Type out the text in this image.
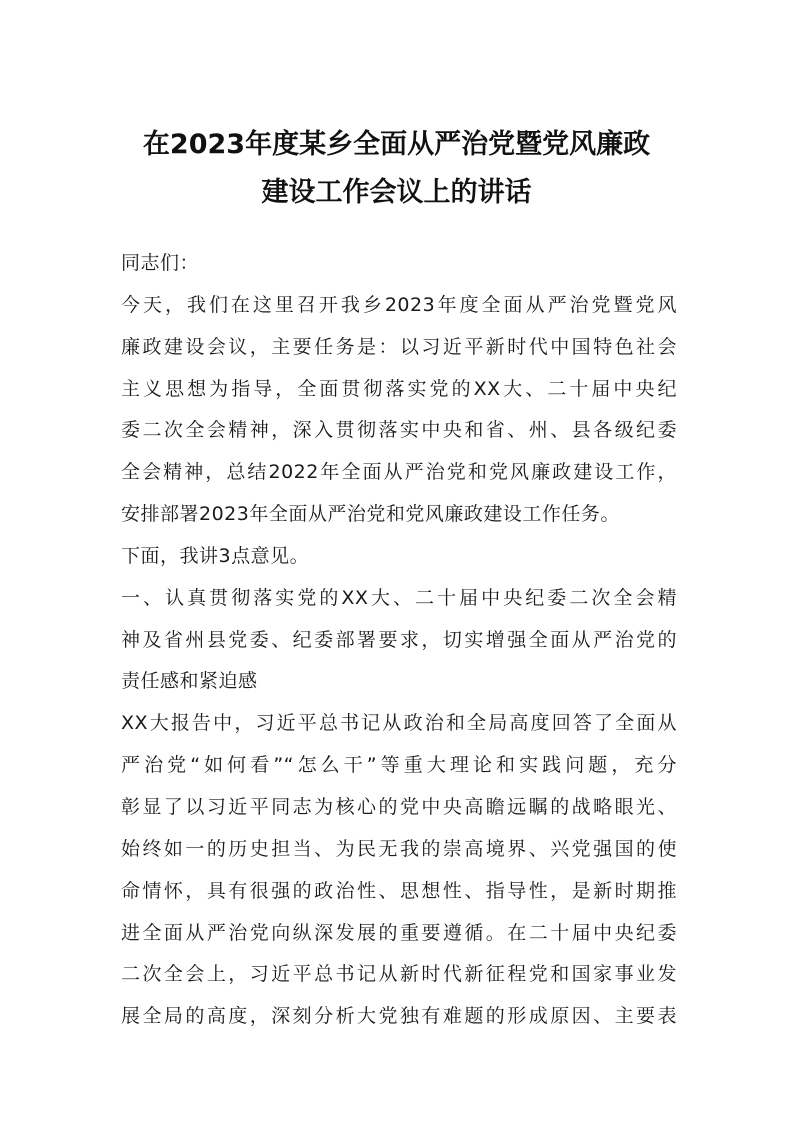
在2023年度某乡全面从严治党暨党风廉政
建设工作会议上的讲话
同志们：
今天，我们在这里召开我乡2023年度全面从严治党暨党风
廉政建设会议，主要任务是：以习近平新时代中国特色社会
主义思想为指导，全面贯彻落实党的XX大、二十届中央纪
委二次全会精神，深入贯彻落实中央和省、州、县各级纪委
全会精神，总结2022年全面从严治党和党风廉政建设工作，
安排部署2023年全面从严治党和党风廉政建设工作任务。
下面，我讲3点意见。
一、认真贯彻落实党的XX大、二十届中央纪委二次全会精
神及省州县党委、纪委部署要求，切实增强全面从严治党的
责任感和紧迫感
XX大报告中，习近平总书记从政治和全局高度回答了全面从
严治党“如何看”“怎么干”等重大理论和实践问题，充分
彰显了以习近平同志为核心的党中央高瞻远瞩的战略眼光、
始终如一的历史担当、为民无我的崇高境界、兴党强国的使
命情怀，具有很强的政治性、思想性、指导性，是新时期推
进全面从严治党向纵深发展的重要遵循。在二十届中央纪委
二次全会上，习近平总书记从新时代新征程党和国家事业发
展全局的高度，深刻分析大党独有难题的形成原因、主要表
